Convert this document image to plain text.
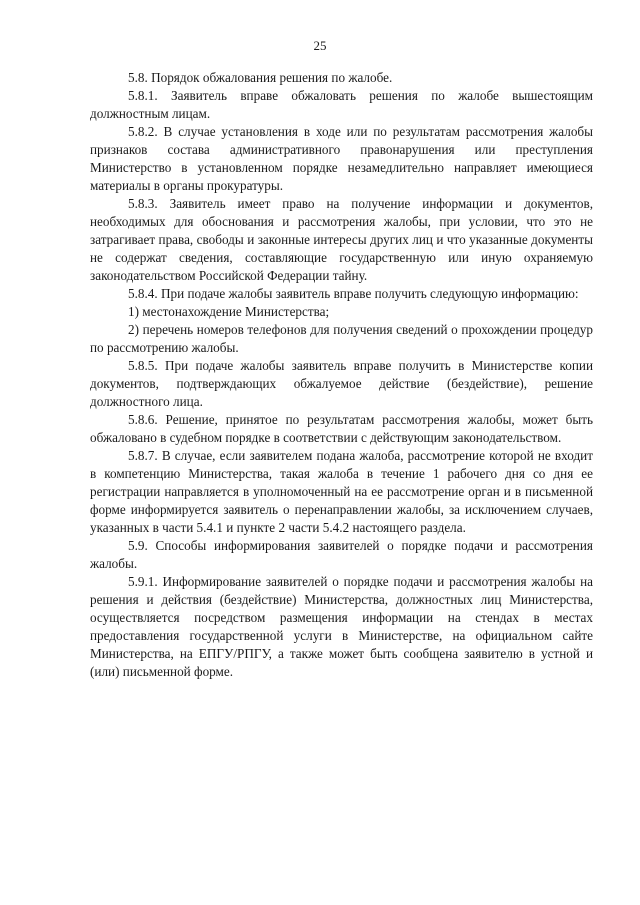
25

5.8. Порядок обжалования решения по жалобе.

5.8.1. Заявитель вправе обжаловать решения по жалобе вышестоящим должностным лицам.

5.8.2. В случае установления в ходе или по результатам рассмотрения жалобы признаков состава административного правонарушения или преступления Министерство в установленном порядке незамедлительно направляет имеющиеся материалы в органы прокуратуры.

5.8.3. Заявитель имеет право на получение информации и документов, необходимых для обоснования и рассмотрения жалобы, при условии, что это не затрагивает права, свободы и законные интересы других лиц и что указанные документы не содержат сведения, составляющие государственную или иную охраняемую законодательством Российской Федерации тайну.

5.8.4. При подаче жалобы заявитель вправе получить следующую информацию:

1) местонахождение Министерства;

2) перечень номеров телефонов для получения сведений о прохождении процедур по рассмотрению жалобы.

5.8.5. При подаче жалобы заявитель вправе получить в Министерстве копии документов, подтверждающих обжалуемое действие (бездействие), решение должностного лица.

5.8.6. Решение, принятое по результатам рассмотрения жалобы, может быть обжаловано в судебном порядке в соответствии с действующим законодательством.

5.8.7. В случае, если заявителем подана жалоба, рассмотрение которой не входит в компетенцию Министерства, такая жалоба в течение 1 рабочего дня со дня ее регистрации направляется в уполномоченный на ее рассмотрение орган и в письменной форме информируется заявитель о перенаправлении жалобы, за исключением случаев, указанных в части 5.4.1 и пункте 2 части 5.4.2 настоящего раздела.

5.9. Способы информирования заявителей о порядке подачи и рассмотрения жалобы.

5.9.1. Информирование заявителей о порядке подачи и рассмотрения жалобы на решения и действия (бездействие) Министерства, должностных лиц Министерства, осуществляется посредством размещения информации на стендах в местах предоставления государственной услуги в Министерстве, на официальном сайте Министерства, на ЕПГУ/РПГУ, а также может быть сообщена заявителю в устной и (или) письменной форме.
